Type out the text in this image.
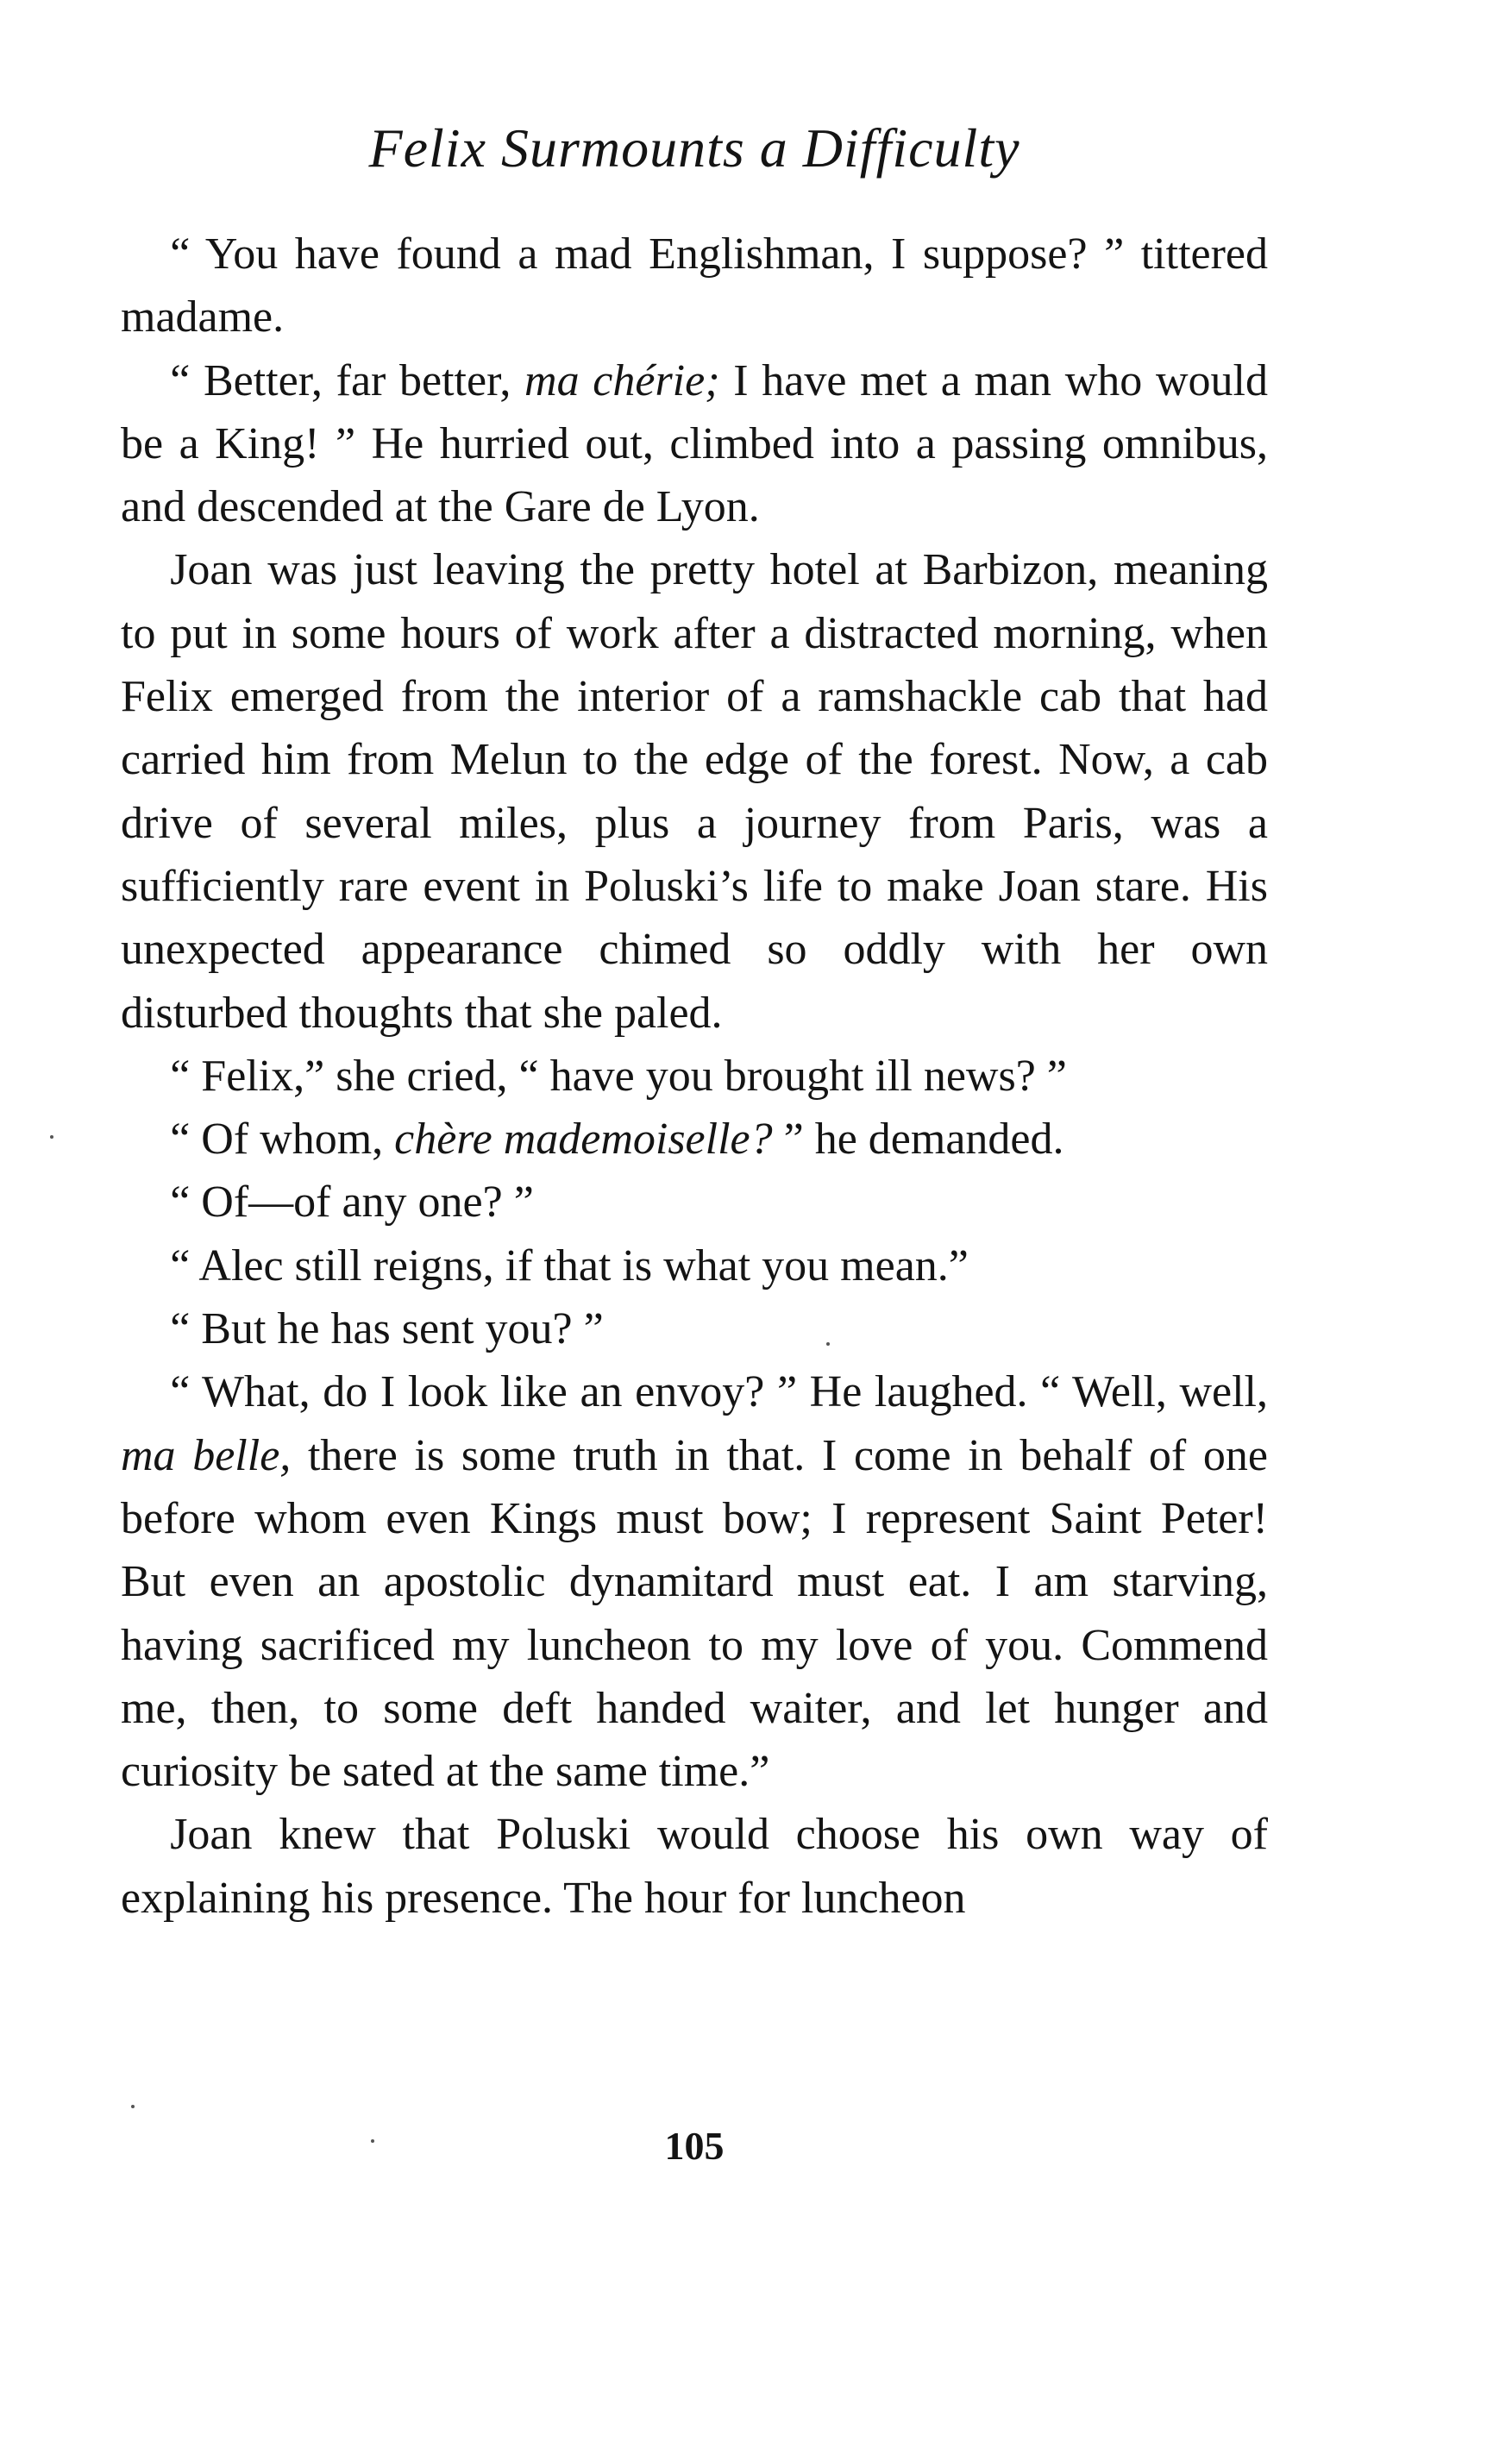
Felix Surmounts a Difficulty

“ You have found a mad Englishman, I suppose? ” tittered madame.

“ Better, far better, ma chérie; I have met a man who would be a King! ” He hurried out, climbed into a passing omnibus, and descended at the Gare de Lyon.

Joan was just leaving the pretty hotel at Barbizon, meaning to put in some hours of work after a distracted morning, when Felix emerged from the interior of a ramshackle cab that had carried him from Melun to the edge of the forest. Now, a cab drive of several miles, plus a journey from Paris, was a sufficiently rare event in Poluski’s life to make Joan stare. His unexpected appearance chimed so oddly with her own disturbed thoughts that she paled.

“ Felix,” she cried, “ have you brought ill news? ”

“ Of whom, chère mademoiselle? ” he demanded.

“ Of—of any one? ”

“ Alec still reigns, if that is what you mean.”

“ But he has sent you? ”

“ What, do I look like an envoy? ” He laughed. “ Well, well, ma belle, there is some truth in that. I come in behalf of one before whom even Kings must bow; I represent Saint Peter! But even an apostolic dynamitard must eat. I am starving, having sacrificed my luncheon to my love of you. Commend me, then, to some deft handed waiter, and let hunger and curiosity be sated at the same time.”

Joan knew that Poluski would choose his own way of explaining his presence. The hour for luncheon

105
